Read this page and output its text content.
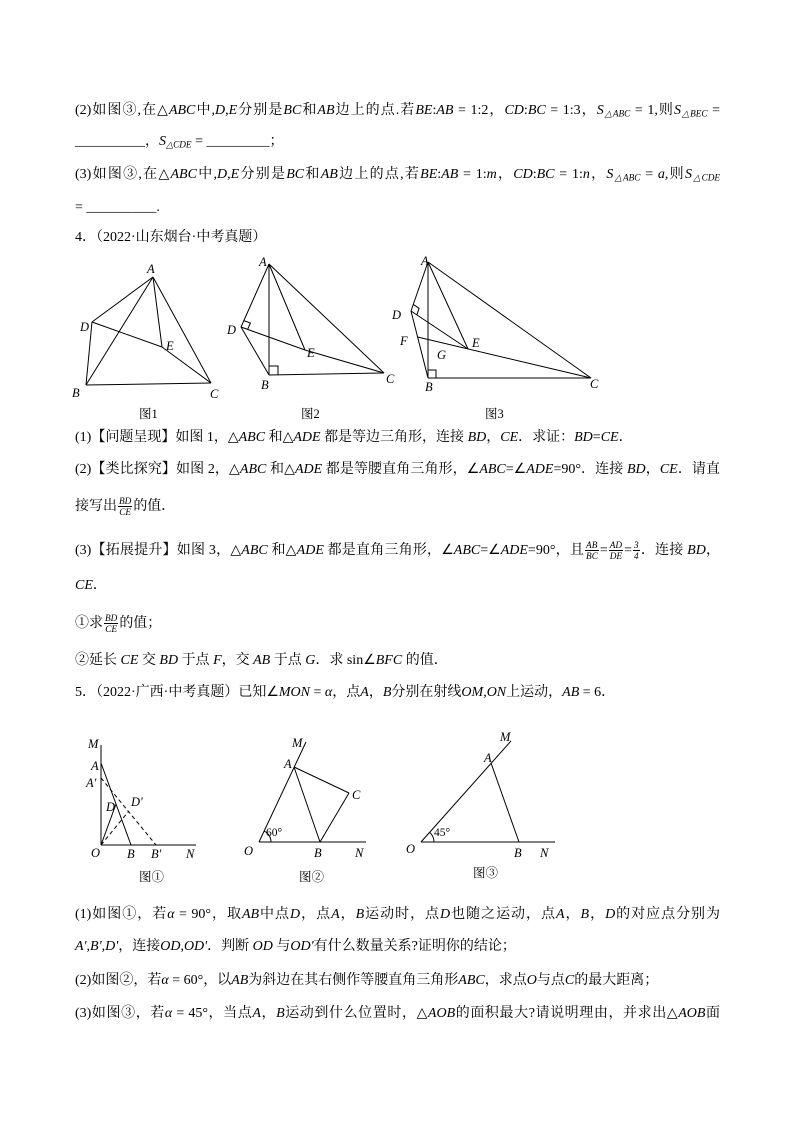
(2)如图③,在△ABC中,D,E分别是BC和AB边上的点.若BE:AB = 1:2，CD:BC = 1:3，$S_{\triangle ABC} = 1$,则$S_{\triangle BEC}$ =
__________，$S_{\triangle CDE}$ = _________；
(3)如图③,在△ABC中,D,E分别是BC和AB边上的点,若BE:AB = 1:m，CD:BC = 1:n，$S_{\triangle ABC} = a$,则$S_{\triangle CDE}$
= __________.
4．（2022·山东烟台·中考真题）
(1)【问题呈现】如图 1，△ABC 和△ADE 都是等边三角形，连接 BD，CE．求证：BD=CE．
(2)【类比探究】如图 2，△ABC 和△ADE 都是等腰直角三角形，∠ABC=∠ADE=90°．连接 BD，CE．请直
接写出 $\frac{BD}{CE}$ 的值．
(3)【拓展提升】如图 3，△ABC 和△ADE 都是直角三角形，∠ABC=∠ADE=90°，且 $\frac{AB}{BC} = \frac{AD}{DE} = \frac{3}{4}$ ．连接 BD，
CE．
①求 $\frac{BD}{CE}$ 的值；
②延长 CE 交 BD 于点 F，交 AB 于点 G．求 sin∠BFC 的值．
5．（2022·广西·中考真题）已知∠MON = α，点A，B分别在射线OM,ON上运动，AB = 6．
(1)如图①，若α = 90°，取AB中点D，点A，B运动时，点D也随之运动，点A，B，D的对应点分别为
A',B',D'，连接OD,OD'．判断 OD 与OD'有什么数量关系?证明你的结论；
(2)如图②，若α = 60°，以AB为斜边在其右侧作等腰直角三角形ABC，求点O与点C的最大距离；
(3)如图③，若α = 45°，当点A，B运动到什么位置时，△AOB的面积最大?请说明理由，并求出△AOB面
A
D
E
B	C
图1
A
D
E
B	C
图2
A
D
F
G
E
B	C
图3
M
A
A'
D D'
O B B' N
图①
M
A
C
O	B	N
60°
图②
M
A
O	B N
45°
图③
